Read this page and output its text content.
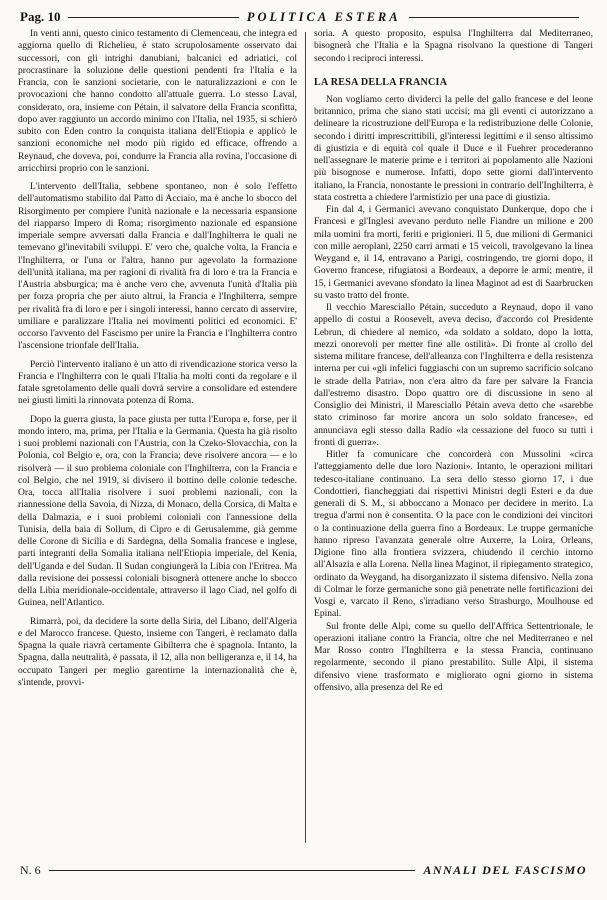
Pag. 10	POLITICA ESTERA

In venti anni, questo cinico testamento di Clemenceau, che integra ed aggiorna quello di Richelieu, è stato scrupolosamente osservato dai successori, con gli intrighi danubiani, balcanici ed adriatici, col procrastinare la soluzione delle questioni pendenti fra l'Italia e la Francia, con le sanzioni societarie, con le naturalizzazioni e con le provocazioni che hanno condotto all'attuale guerra. Lo stesso Laval, considerato, ora, insieme con Pétain, il salvatore della Francia sconfitta, dopo aver raggiunto un accordo minimo con l'Italia, nel 1935, si schierò subito con Eden contro la conquista italiana dell'Etiopia e applicò le sanzioni economiche nel modo più rigido ed efficace, offrendo a Reynaud, che doveva, poi, condurre la Francia alla rovina, l'occasione di arricchirsi proprio con le sanzioni.

L'intervento dell'Italia, sebbene spontaneo, non è solo l'effetto dell'automatismo stabilito dal Patto di Acciaio, ma è anche lo sbocco del Risorgimento per compiere l'unità nazionale e la necessaria espansione del riapparso Impero di Roma; risorgimento nazionale ed espansione imperiale sempre avversati dalla Francia e dall'Inghilterra le quali ne temevano gl'inevitabili sviluppi. E' vero che, qualche volta, la Francia e l'Inghilterra, or l'una or l'altra, hanno pur agevolato la formazione dell'unità italiana, ma per ragioni di rivalità fra di loro e tra la Francia e l'Austria absburgica; ma è anche vero che, avvenuta l'unità d'Italia più per forza propria che per aiuto altrui, la Francia e l'Inghilterra, sempre per rivalità fra di loro e per i singoli interessi, hanno cercato di asservire, umiliare e paralizzare l'Italia nei movimenti politici ed economici. E' occorso l'avvento del Fascismo per unire la Francia e l'Inghilterra contro l'ascensione trionfale dell'Italia.

Perciò l'intervento italiano è un atto di rivendicazione storica verso la Francia e l'Inghilterra con le quali l'Italia ha molti conti da regolare e il fatale sgretolamento delle quali dovrà servire a consolidare ed estendere nei giusti limiti la rinnovata potenza di Roma.

Dopo la guerra giusta, la pace giusta per tutta l'Europa e, forse, per il mondo intero, ma, prima, per l'Italia e la Germania. Questa ha già risolto i suoi problemi nazionali con l'Austria, con la Czeko-Slovacchia, con la Polonia, col Belgio e, ora, con la Francia; deve risolvere ancora — e lo risolverà — il suo problema coloniale con l'Inghilterra, con la Francia e col Belgio, che nel 1919, si divisero il bottino delle colonie tedesche. Ora, tocca all'Italia risolvere i suoi problemi nazionali, con la riannessione della Savoia, di Nizza, di Monaco, della Corsica, di Malta e della Dalmazia, e i suoi problemi coloniali con l'annessione della Tunisia, della baia di Sollum, di Cipro e di Gerusalemme, già gemme delle Corone di Sicilia e di Sardegna, della Somalia francese e inglese, parti integranti della Somalia italiana nell'Etiopia imperiale, del Kenia, dell'Uganda e del Sudan. Il Sudan congiungerà la Libia con l'Eritrea. Ma dalla revisione dei possessi coloniali bisognerà ottenere anche lo sbocco della Libia meridionale-occidentale, attraverso il lago Ciad, nel golfo di Guinea, nell'Atlantico.

Rimarrà, poi, da decidere la sorte della Siria, del Libano, dell'Algeria e del Marocco francese. Questo, insieme con Tangeri, è reclamato dalla Spagna la quale riavrà certamente Gibilterra che è spagnola. Intanto, la Spagna, dalla neutralità, è passata, il 12, alla non belligeranza e, il 14, ha occupato Tangeri per meglio garentirne la internazionalità che è, s'intende, provvi-

soria. A questo proposito, espulsa l'Inghilterra dal Mediterraneo, bisognerà che l'Italia e la Spagna risolvano la questione di Tangeri secondo i reciproci interessi.

LA RESA DELLA FRANCIA

Non vogliamo certo dividerci la pelle del gallo francese e del leone britannico, prima che siano stati uccisi; ma gli eventi ci autorizzano a delineare la ricostruzione dell'Europa e la redistribuzione delle Colonie, secondo i diritti imprescrittibili, gl'interessi legittimi e il senso altissimo di giustizia e di equità col quale il Duce e il Fuehrer procederanno nell'assegnare le materie prime e i territori ai popolamento alle Nazioni più bisognose e numerose. Infatti, dopo sette giorni dall'intervento italiano, la Francia, nonostante le pressioni in contrario dell'Inghilterra, è stata costretta a chiedere l'armistizio per una pace di giustizia.

Fin dal 4, i Germanici avevano conquistato Dunkerque, dopo che i Francesi e gl'Inglesi avevano perduto nelle Fiandre un milione e 200 mila uomini fra morti, feriti e prigionieri. Il 5, due milioni di Germanici con mille aeroplani, 2250 carri armati e 15 veicoli, travolgevano la linea Weygand e, il 14, entravano a Parigi, costringendo, tre giorni dopo, il Governo francese, rifugiatosi a Bordeaux, a deporre le armi; mentre, il 15, i Germanici avevano sfondato la linea Maginot ad est di Saarbrucken su vasto tratto del fronte.

Il vecchio Maresciallo Pétain, succeduto a Reynaud, dopo il vano appello di costui a Roosevelt, aveva deciso, d'accordo col Presidente Lebrun, di chiedere al nemico, «da soldato a soldato, dopo la lotta, mezzi onorevoli per metter fine alle ostilità». Di fronte al crollo del sistema militare francese, dell'alleanza con l'Inghilterra e della resistenza interna per cui «gli infelici fuggiaschi con un supremo sacrificio solcano le strade della Patria», non c'era altro da fare per salvare la Francia dall'estremo disastro. Dopo quattro ore di discussione in seno al Consiglio dei Ministri, il Maresciallo Pétain aveva detto che «sarebbe stato criminoso far morire ancora un solo soldato francese», ed annunciava egli stesso dalla Radio «la cessazione del fuoco su tutti i fronti di guerra».

Hitler fa comunicare che concorderà con Mussolini «circa l'atteggiamento delle due loro Nazioni». Intanto, le operazioni militari tedesco-italiane continuano. La sera dello stesso giorno 17, i due Condottieri, fiancheggiati dai rispettivi Ministri degli Esteri e da due generali di S. M., si abboccano a Monaco per decidere in merito. La tregua d'armi non è consentita. O la pace con le condizioni dei vincitori o la continuazione della guerra fino a Bordeaux. Le truppe germaniche hanno ripreso l'avanzata generale oltre Auxerre, la Loira, Orleans, Digione fino alla frontiera svizzera, chiudendo il cerchio intorno all'Alsazia e alla Lorena. Nella linea Maginot, il ripiegamento strategico, ordinato da Weygand, ha disorganizzato il sistema difensivo. Nella zona di Colmar le forze germaniche sono già penetrate nelle fortificazioni dei Vosgi e, varcato il Reno, s'irradiano verso Strasburgo, Moulhouse ed Epinal.

Sul fronte delle Alpi, come su quello dell'Affrica Settentrionale, le operazioni italiane contro la Francia, oltre che nel Mediterraneo e nel Mar Rosso contro l'Inghilterra e la stessa Francia, continuano regolarmente, secondo il piano prestabilito. Sulle Alpi, il sistema difensivo viene trasformato e migliorato ogni giorno in sistema offensivo, alla presenza del Re ed

N. 6	ANNALI DEL FASCISMO
